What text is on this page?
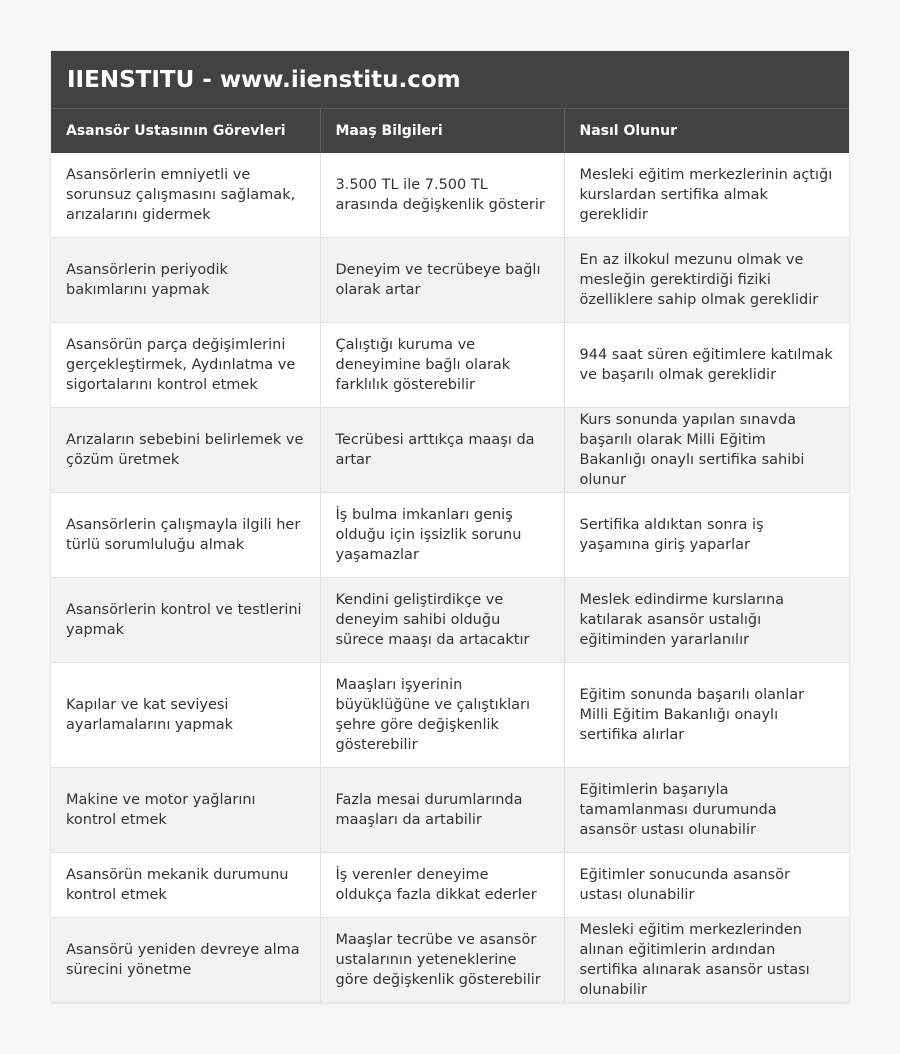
IIENSTITU - www.iienstitu.com
Asansör Ustasının Görevleri	Maaş Bilgileri	Nasıl Olunur
Asansörlerin emniyetli ve sorunsuz çalışmasını sağlamak, arızalarını gidermek	3.500 TL ile 7.500 TL arasında değişkenlik gösterir	Mesleki eğitim merkezlerinin açtığı kurslardan sertifika almak gereklidir
Asansörlerin periyodik bakımlarını yapmak	Deneyim ve tecrübeye bağlı olarak artar	En az ilkokul mezunu olmak ve mesleğin gerektirdiği fiziki özelliklere sahip olmak gereklidir
Asansörün parça değişimlerini gerçekleştirmek, Aydınlatma ve sigortalarını kontrol etmek	Çalıştığı kuruma ve deneyimine bağlı olarak farklılık gösterebilir	944 saat süren eğitimlere katılmak ve başarılı olmak gereklidir
Arızaların sebebini belirlemek ve çözüm üretmek	Tecrübesi arttıkça maaşı da artar	Kurs sonunda yapılan sınavda başarılı olarak Milli Eğitim Bakanlığı onaylı sertifika sahibi olunur
Asansörlerin çalışmayla ilgili her türlü sorumluluğu almak	İş bulma imkanları geniş olduğu için işsizlik sorunu yaşamazlar	Sertifika aldıktan sonra iş yaşamına giriş yaparlar
Asansörlerin kontrol ve testlerini yapmak	Kendini geliştirdikçe ve deneyim sahibi olduğu sürece maaşı da artacaktır	Meslek edindirme kurslarına katılarak asansör ustalığı eğitiminden yararlanılır
Kapılar ve kat seviyesi ayarlamalarını yapmak	Maaşları işyerinin büyüklüğüne ve çalıştıkları şehre göre değişkenlik gösterebilir	Eğitim sonunda başarılı olanlar Milli Eğitim Bakanlığı onaylı sertifika alırlar
Makine ve motor yağlarını kontrol etmek	Fazla mesai durumlarında maaşları da artabilir	Eğitimlerin başarıyla tamamlanması durumunda asansör ustası olunabilir
Asansörün mekanik durumunu kontrol etmek	İş verenler deneyime oldukça fazla dikkat ederler	Eğitimler sonucunda asansör ustası olunabilir
Asansörü yeniden devreye alma sürecini yönetme	Maaşlar tecrübe ve asansör ustalarının yeteneklerine göre değişkenlik gösterebilir	Mesleki eğitim merkezlerinden alınan eğitimlerin ardından sertifika alınarak asansör ustası olunabilir
